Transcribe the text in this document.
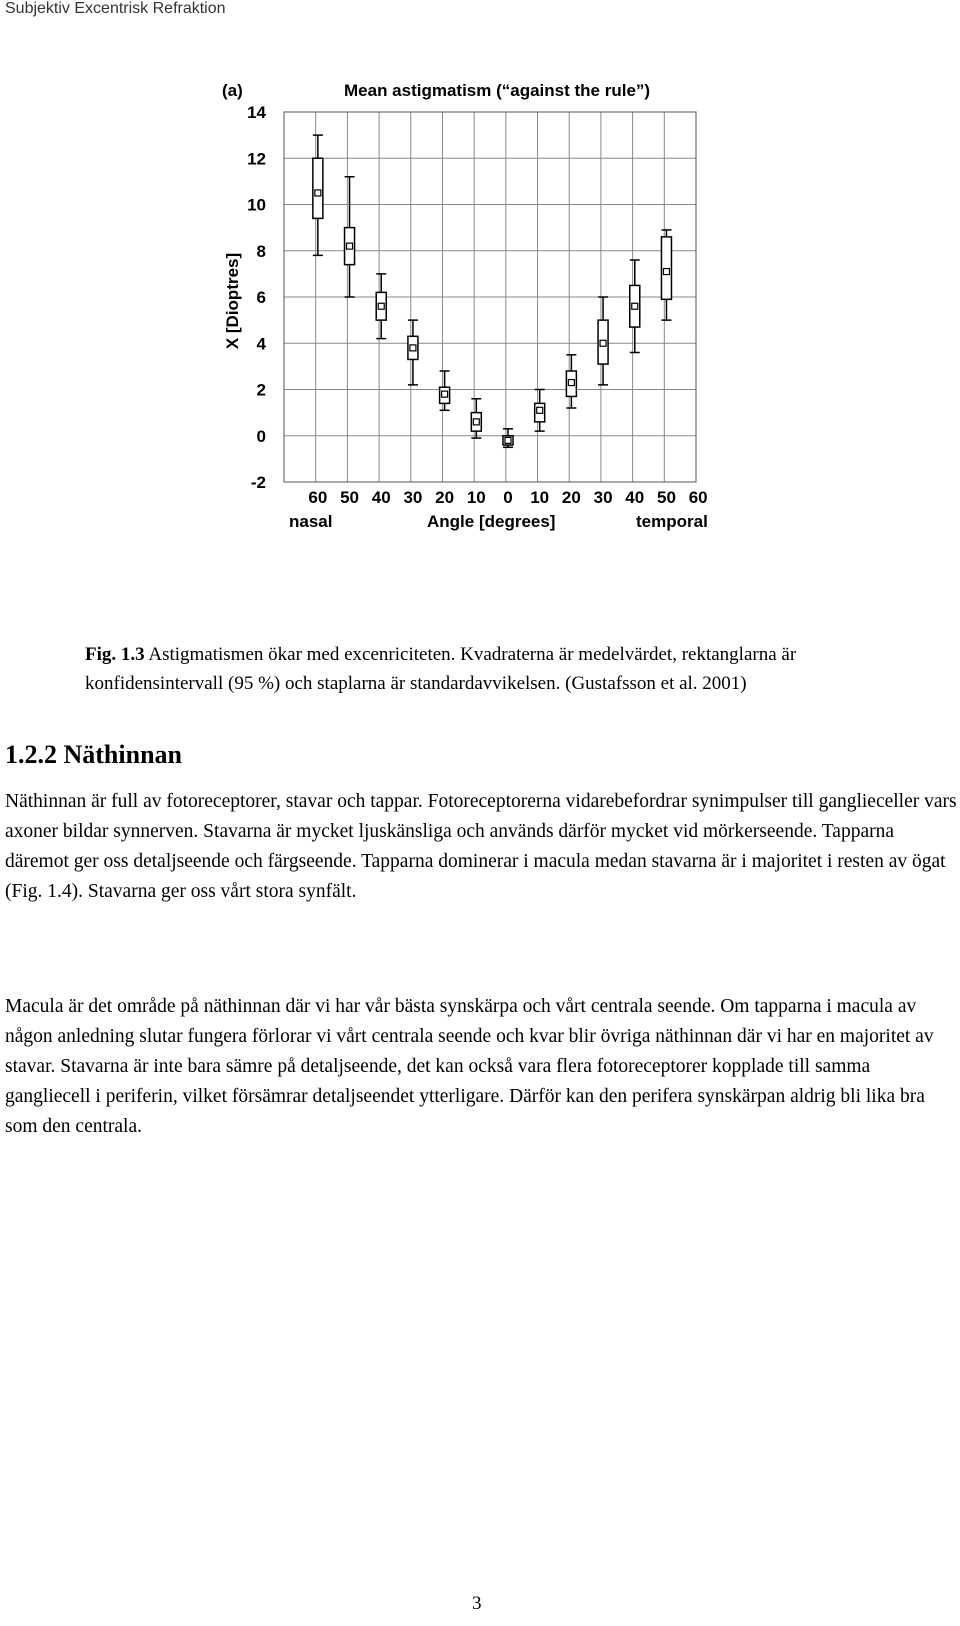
Subjektiv Excentrisk Refraktion
(a)	Mean astigmatism (“against the rule”)
X [Dioptres]
-2
0
2
4
6
8
10
12
14
60 50 40 30 20 10 0 10 20 30 40 50 60
nasal	Angle [degrees]	temporal
Fig. 1.3 Astigmatismen ökar med excenriciteten. Kvadraterna är medelvärdet, rektanglarna är konfidensintervall (95 %) och staplarna är standardavvikelsen. (Gustafsson et al. 2001)
1.2.2 Näthinnan

Näthinnan är full av fotoreceptorer, stavar och tappar. Fotoreceptorerna vidarebefordrar synimpulser till ganglieceller vars axoner bildar synnerven. Stavarna är mycket ljuskänsliga och används därför mycket vid mörkerseende. Tapparna däremot ger oss detaljseende och färgseende. Tapparna dominerar i macula medan stavarna är i majoritet i resten av ögat (Fig. 1.4). Stavarna ger oss vårt stora synfält.

Macula är det område på näthinnan där vi har vår bästa synskärpa och vårt centrala seende. Om tapparna i macula av någon anledning slutar fungera förlorar vi vårt centrala seende och kvar blir övriga näthinnan där vi har en majoritet av stavar. Stavarna är inte bara sämre på detaljseende, det kan också vara flera fotoreceptorer kopplade till samma gangliecell i periferin, vilket försämrar detaljseendet ytterligare. Därför kan den perifera synskärpan aldrig bli lika bra som den centrala.

3
